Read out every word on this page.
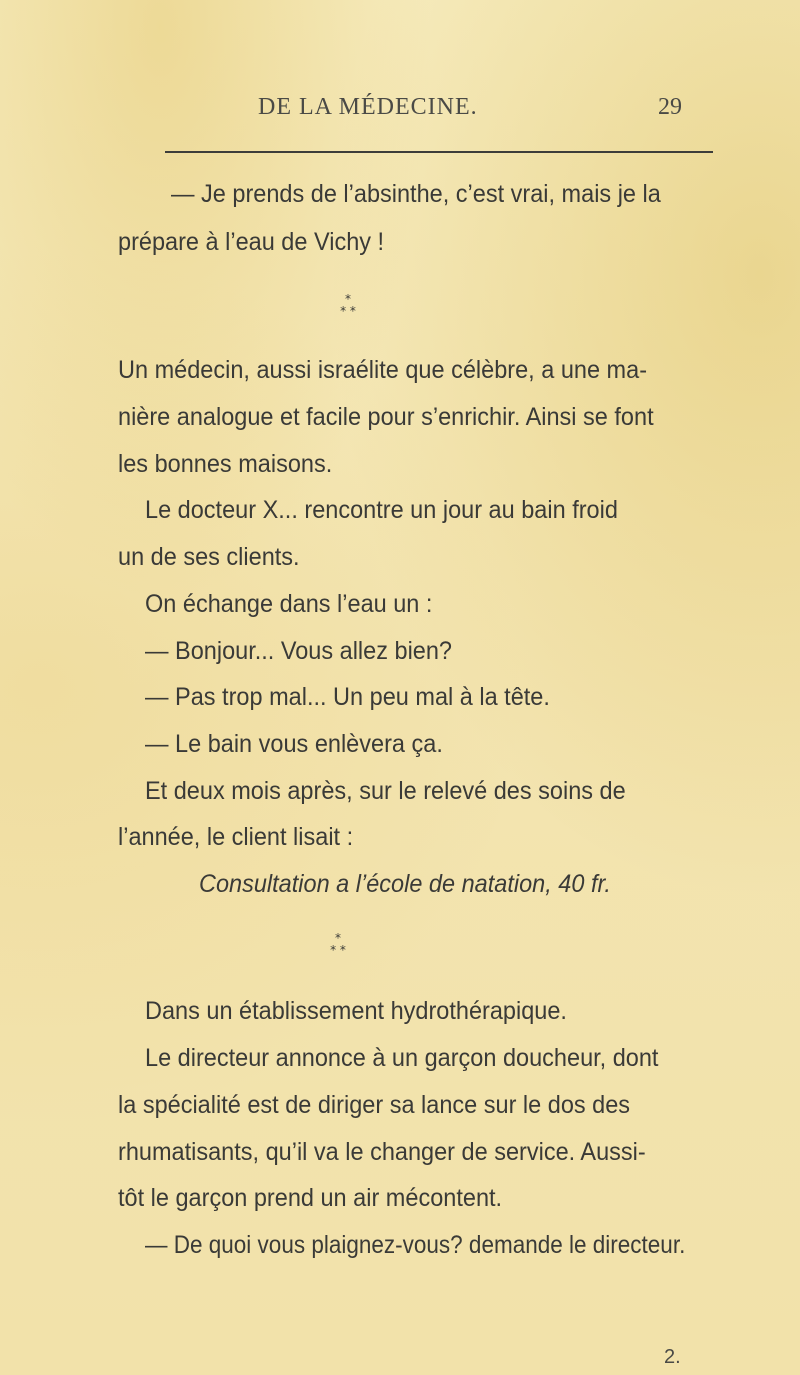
DE LA MÉDECINE.	29
— Je prends de l’absinthe, c’est vrai, mais je la
prépare à l’eau de Vichy !
*
* *
Un médecin, aussi israélite que célèbre, a une ma-
nière analogue et facile pour s’enrichir. Ainsi se font
les bonnes maisons.
Le docteur X... rencontre un jour au bain froid
un de ses clients.
On échange dans l’eau un :
— Bonjour... Vous allez bien?
— Pas trop mal... Un peu mal à la tête.
— Le bain vous enlèvera ça.
Et deux mois après, sur le relevé des soins de
l’année, le client lisait :
Consultation a l’école de natation, 40 fr.
*
* *
Dans un établissement hydrothérapique.
Le directeur annonce à un garçon doucheur, dont
la spécialité est de diriger sa lance sur le dos des
rhumatisants, qu’il va le changer de service. Aussi-
tôt le garçon prend un air mécontent.
— De quoi vous plaignez-vous? demande le directeur.
2.
